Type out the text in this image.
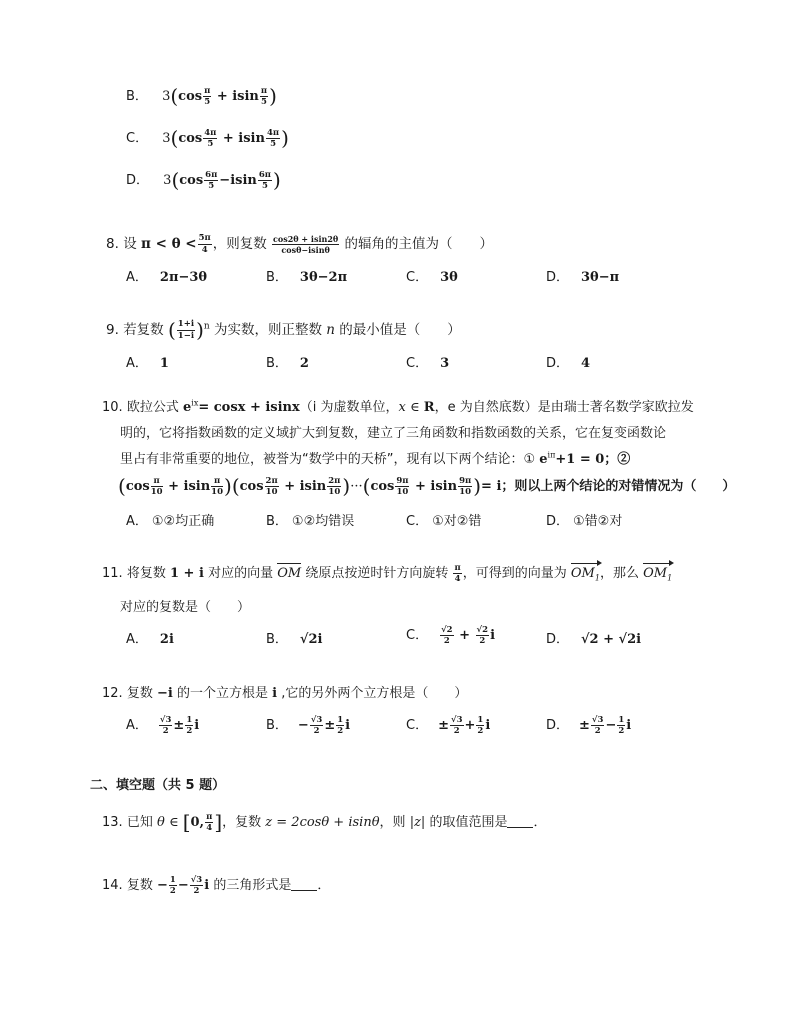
B． $3(\cos \frac{\pi}{5} + isin \frac{\pi}{5}$ )
C． $3(\cos \frac{4\pi}{5} + isin \frac{4\pi}{5}$ )
D． $3(\cos \frac{6\pi}{5} -isin \frac{6\pi}{5}$ )
8. 设 $\pi < \theta < \frac{5\pi}{4}$ ，则复数 $\frac{\cos 2\theta + isin2\theta}{\cos\theta-isin\theta}$ 的辐角的主值为（　　）
A． 2π−3θ	B． 3θ−2π	C． 3θ	D． 3θ−π
9. 若复数 ( $\frac{1+i}{1-i} )^n$ 为实数，则正整数 n 的最小值是（　　）
A． 1	B． 2	C． 3	D． 4
10. 欧拉公式 $e^{ix}= \cos x + isinx(i$ 为虚数单位，x ∈ R，e 为自然底数）是由瑞士著名数学家欧拉发
明的，它将指数函数的定义域扩大到复数，建立了三角函数和指数函数的关系，它在复变函数论
里占有非常重要的地位，被誉为“数学中的天桥”，现有以下两个结论：① $e^{i\pi}+1 = 0$；②
$(\cos \frac{\pi}{10} + isin \frac{\pi}{10} )(\cos \frac{2\pi}{10} + isin \frac{2\pi}{10} )\cdot\cdot\cdot(\cos \frac{9\pi}{10} + isin \frac{9\pi}{10}$ )= i；则以上两个结论的对错情况为（　　）
A． ①②均正确	B． ①②均错误	C． ①对②错	D． ①错②对
11. 将复数 1 + i 对应的向量 OM 绕原点按逆时针方向旋转 $\frac{\pi}{4}$ ，可得到的向量为 $OM_1$，那么 $OM_1$
对应的复数是（　　）
A． 2i	B． √2i	C． $\frac{√2}{2} + \frac{√2}{2}$ i	D． √2 + √2i
12. 复数 −i 的一个立方根是 i ,它的另外两个立方根是（　　）
A． $\frac{√3}{2} \pm \frac{1}{2}$ i	B． − $\frac{√3}{2} \pm \frac{1}{2}$ i	C． ± $\frac{√3}{2} + \frac{1}{2}$ i	D． ± $\frac{√3}{2} - \frac{1}{2}$ i
二、填空题（共 5 题）
13. 已知 θ ∈ [0, $\frac{\pi}{4}$ ]，复数 z = 2cosθ + isinθ，则 |z| 的取值范围是 ．
14. 复数 − $\frac{1}{2} - \frac{√3}{2}$ i 的三角形式是 ．
